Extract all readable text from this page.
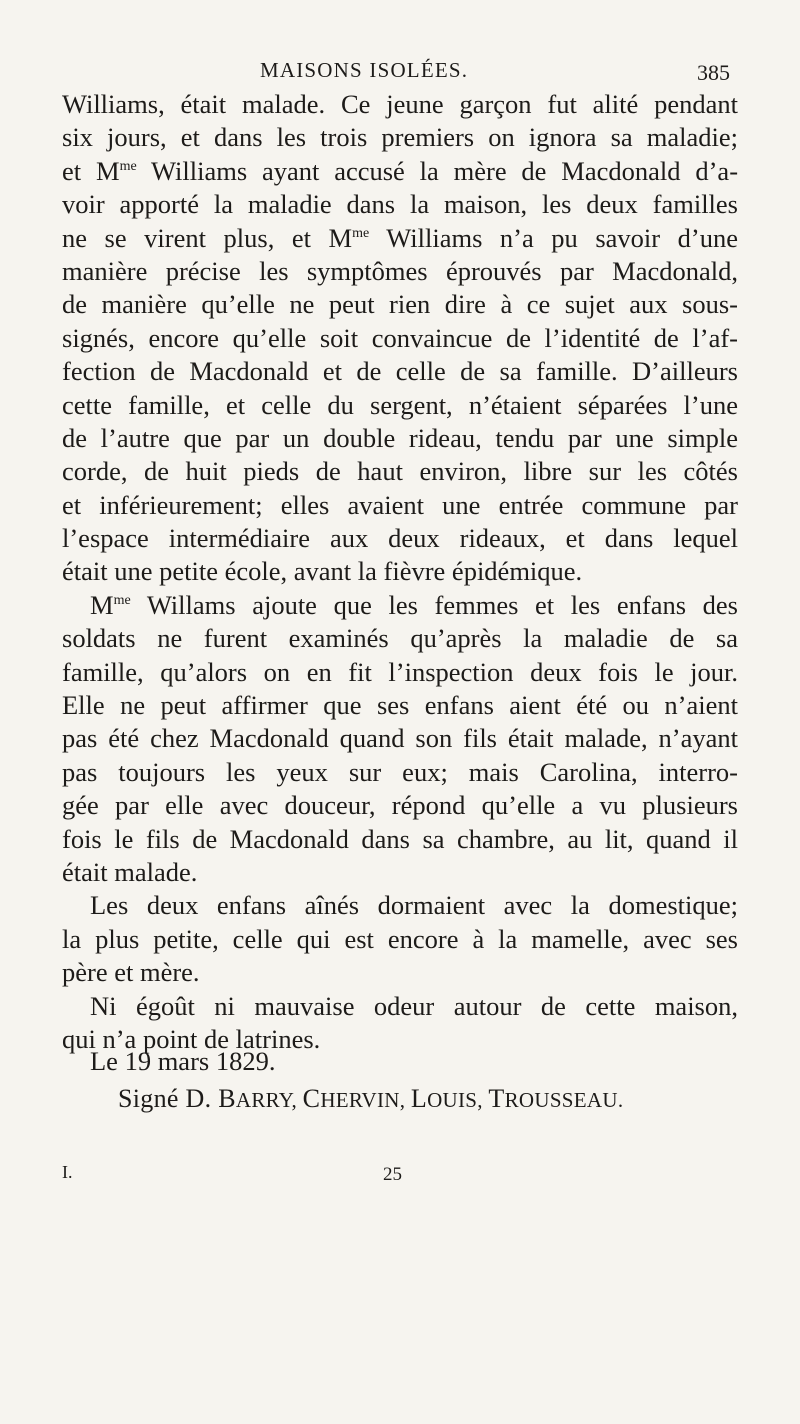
MAISONS ISOLÉES.	385
Williams, était malade. Ce jeune garçon fut alité pendant
six jours, et dans les trois premiers on ignora sa maladie;
et $M^{me}$ Williams ayant accusé la mère de Macdonald d’a-
voir apporté la maladie dans la maison, les deux familles
ne se virent plus, et $M^{me}$ Williams n’a pu savoir d’une
manière précise les symptômes éprouvés par Macdonald,
de manière qu’elle ne peut rien dire à ce sujet aux sous-
signés, encore qu’elle soit convaincue de l’identité de l’af-
fection de Macdonald et de celle de sa famille. D’ailleurs
cette famille, et celle du sergent, n’étaient séparées l’une
de l’autre que par un double rideau, tendu par une simple
corde, de huit pieds de haut environ, libre sur les côtés
et inférieurement; elles avaient une entrée commune par
l’espace intermédiaire aux deux rideaux, et dans lequel
était une petite école, avant la fièvre épidémique.
$M^{me}$ Willams ajoute que les femmes et les enfans des
soldats ne furent examinés qu’après la maladie de sa
famille, qu’alors on en fit l’inspection deux fois le jour.
Elle ne peut affirmer que ses enfans aient été ou n’aient
pas été chez Macdonald quand son fils était malade, n’ayant
pas toujours les yeux sur eux; mais Carolina, interro-
gée par elle avec douceur, répond qu’elle a vu plusieurs
fois le fils de Macdonald dans sa chambre, au lit, quand il
était malade.
Les deux enfans aînés dormaient avec la domestique;
la plus petite, celle qui est encore à la mamelle, avec ses
père et mère.
Ni égoût ni mauvaise odeur autour de cette maison,
qui n’a point de latrines.
Le 19 mars 1829.
Signé D. BARRY, CHERVIN, LOUIS, TROUSSEAU.
I.	25
